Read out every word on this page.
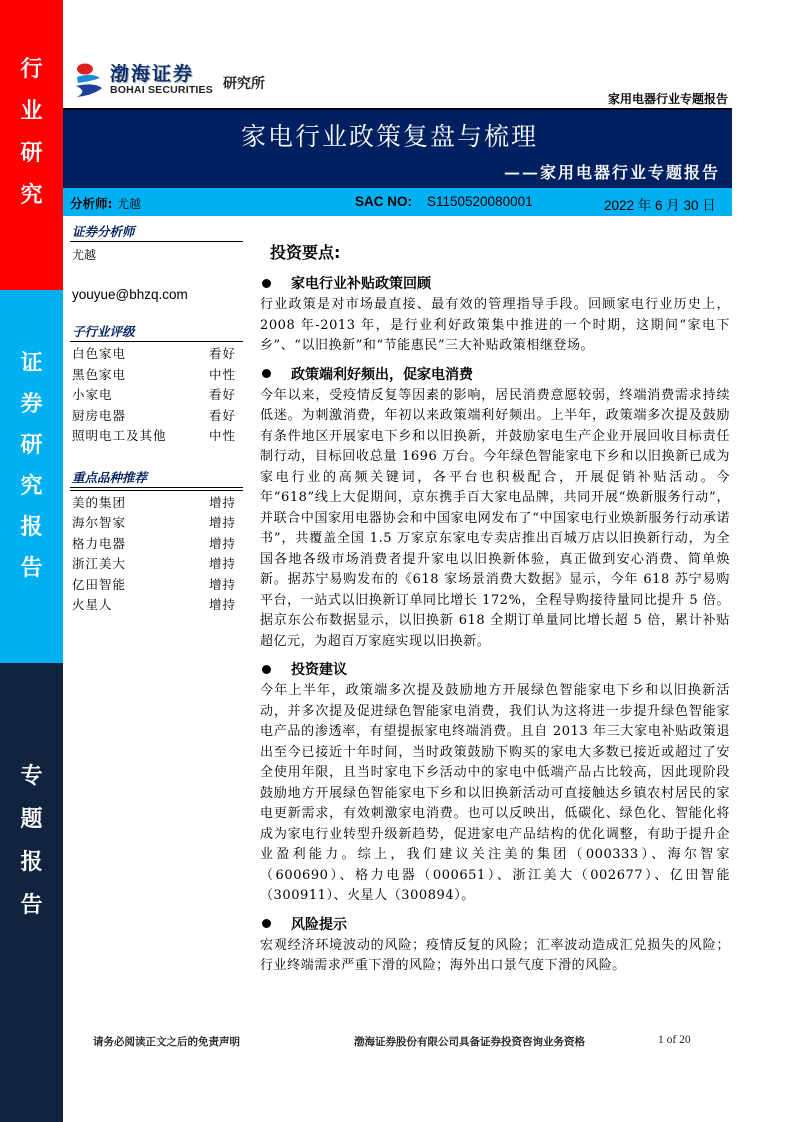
行
业
研
究
证
券
研
究
报
告
专
题
报
告
渤海证券
BOHAI SECURITIES 研究所
家用电器行业专题报告
家电行业政策复盘与梳理
——家用电器行业专题报告
分析师: 尤越	SAC NO: S1150520080001	2022 年 6 月 30 日
证券分析师
尤越
youyue@bhzq.com
子行业评级
白色家电	看好
黑色家电	中性
小家电	看好
厨房电器	看好
照明电工及其他	中性
重点品种推荐
美的集团	增持
海尔智家	增持
格力电器	增持
浙江美大	增持
亿田智能	增持
火星人	增持
投资要点:
家电行业补贴政策回顾

行业政策是对市场最直接、最有效的管理指导手段。回顾家电行业历史上，2008 年-2013 年，是行业利好政策集中推进的一个时期，这期间“家电下乡”、“以旧换新”和“节能惠民”三大补贴政策相继登场。

政策端利好频出，促家电消费

今年以来，受疫情反复等因素的影响，居民消费意愿较弱，终端消费需求持续低迷。为刺激消费，年初以来政策端利好频出。上半年，政策端多次提及鼓励有条件地区开展家电下乡和以旧换新，并鼓励家电生产企业开展回收目标责任制行动，目标回收总量 1696 万台。今年绿色智能家电下乡和以旧换新已成为家电行业的高频关键词，各平台也积极配合，开展促销补贴活动。今年“618”线上大促期间，京东携手百大家电品牌，共同开展“焕新服务行动”，并联合中国家用电器协会和中国家电网发布了“中国家电行业焕新服务行动承诺书”，共覆盖全国 1.5 万家京东家电专卖店推出百城万店以旧换新行动，为全国各地各级市场消费者提升家电以旧换新体验，真正做到安心消费、简单焕新。据苏宁易购发布的《618 家场景消费大数据》显示，今年 618 苏宁易购平台，一站式以旧换新订单同比增长 172%，全程导购接待量同比提升 5 倍。据京东公布数据显示，以旧换新 618 全期订单量同比增长超 5 倍，累计补贴超亿元，为超百万家庭实现以旧换新。

投资建议

今年上半年，政策端多次提及鼓励地方开展绿色智能家电下乡和以旧换新活动，并多次提及促进绿色智能家电消费，我们认为这将进一步提升绿色智能家电产品的渗透率，有望提振家电终端消费。且自 2013 年三大家电补贴政策退出至今已接近十年时间，当时政策鼓励下购买的家电大多数已接近或超过了安全使用年限，且当时家电下乡活动中的家电中低端产品占比较高，因此现阶段鼓励地方开展绿色智能家电下乡和以旧换新活动可直接触达乡镇农村居民的家电更新需求，有效刺激家电消费。也可以反映出，低碳化、绿色化、智能化将成为家电行业转型升级新趋势，促进家电产品结构的优化调整，有助于提升企业盈利能力。综上，我们建议关注美的集团（000333）、海尔智家（600690）、格力电器（000651）、浙江美大（002677）、亿田智能（300911）、火星人（300894）。

风险提示

宏观经济环境波动的风险；疫情反复的风险；汇率波动造成汇兑损失的风险；行业终端需求严重下滑的风险；海外出口景气度下滑的风险。

请务必阅读正文之后的免责声明	渤海证券股份有限公司具备证券投资咨询业务资格	1 of 20
